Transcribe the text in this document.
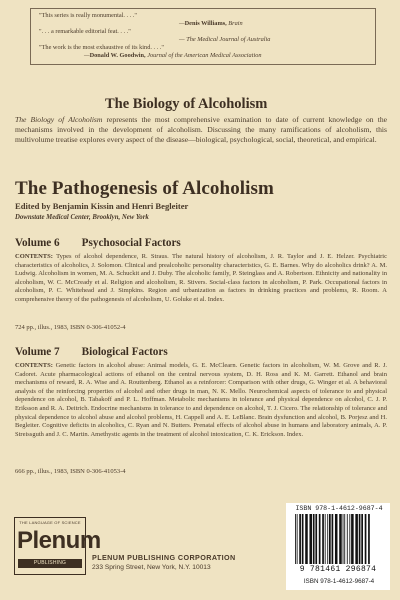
"This series is really monumental. . . ."
—Denis Williams, Brain
". . . a remarkable editorial feat. . . ."
— The Medical Journal of Australia
"The work is the most exhaustive of its kind. . . ."
—Donald W. Goodwin, Journal of the American Medical Association
The Biology of Alcoholism
The Biology of Alcoholism represents the most comprehensive examination to date of current knowledge on the mechanisms involved in the development of alcoholism. Discussing the many ramifications of alcoholism, this multivolume treatise explores every aspect of the disease—biological, psychological, social, theoretical, and empirical.
The Pathogenesis of Alcoholism
Edited by Benjamin Kissin and Henri Begleiter
Downstate Medical Center, Brooklyn, New York
Volume 6 Psychosocial Factors
CONTENTS: Types of alcohol dependence, R. Straus. The natural history of alcoholism, J. R. Taylor and J. E. Helzer. Psychiatric characteristics of alcoholics, J. Solomon. Clinical and prealcoholic personality characteristics, G. E. Barnes. Why do alcoholics drink? A. M. Ludwig. Alcoholism in women, M. A. Schuckit and J. Duby. The alcoholic family, P. Steinglass and A. Robertson. Ethnicity and nationality in alcoholism, W. C. McCready et al. Religion and alcoholism, R. Stivers. Social-class factors in alcoholism, P. Park. Occupational factors in alcoholism, P. C. Whitehead and J. Simpkins. Region and urbanization as factors in drinking practices and problems, R. Room. A comprehensive theory of the pathogenesis of alcoholism, U. Goluke et al. Index.
724 pp., illus., 1983, ISBN 0-306-41052-4
Volume 7 Biological Factors
CONTENTS: Genetic factors in alcohol abuse: Animal models, G. E. McClearn. Genetic factors in alcoholism, W. M. Grove and R. J. Cadoret. Acute pharmacological actions of ethanol on the central nervous system, D. H. Ross and K. M. Garrett. Ethanol and brain mechanisms of reward, R. A. Wise and A. Routtenberg. Ethanol as a reinforcer: Comparison with other drugs, G. Winger et al. A behavioral analysis of the reinforcing properties of alcohol and other drugs in man, N. K. Mello. Neurochemical aspects of tolerance to and physical dependence on alcohol, B. Tabakoff and P. L. Hoffman. Metabolic mechanisms in tolerance and physical dependence on alcohol, C. J. P. Eriksson and R. A. Deitrich. Endocrine mechanisms in tolerance to and dependence on alcohol, T. J. Cicero. The relationship of tolerance and physical dependence to alcohol abuse and alcohol problems, H. Cappell and A. E. LeBlanc. Brain dysfunction and alcohol, B. Porjesz and H. Begleiter. Cognitive deficits in alcoholics, C. Ryan and N. Butters. Prenatal effects of alcohol abuse in humans and laboratory animals, A. P. Streissguth and J. C. Martin. Amethystic agents in the treatment of alcohol intoxication, C. K. Erickson. Index.
666 pp., illus., 1983, ISBN 0-306-41053-4
THE LANGUAGE OF SCIENCE
Plenum
PUBLISHING CORPORATION
PLENUM PUBLISHING CORPORATION
233 Spring Street, New York, N.Y. 10013
ISBN 978-1-4612-9687-4
9 781461 296874
ISBN 978-1-4612-9687-4
